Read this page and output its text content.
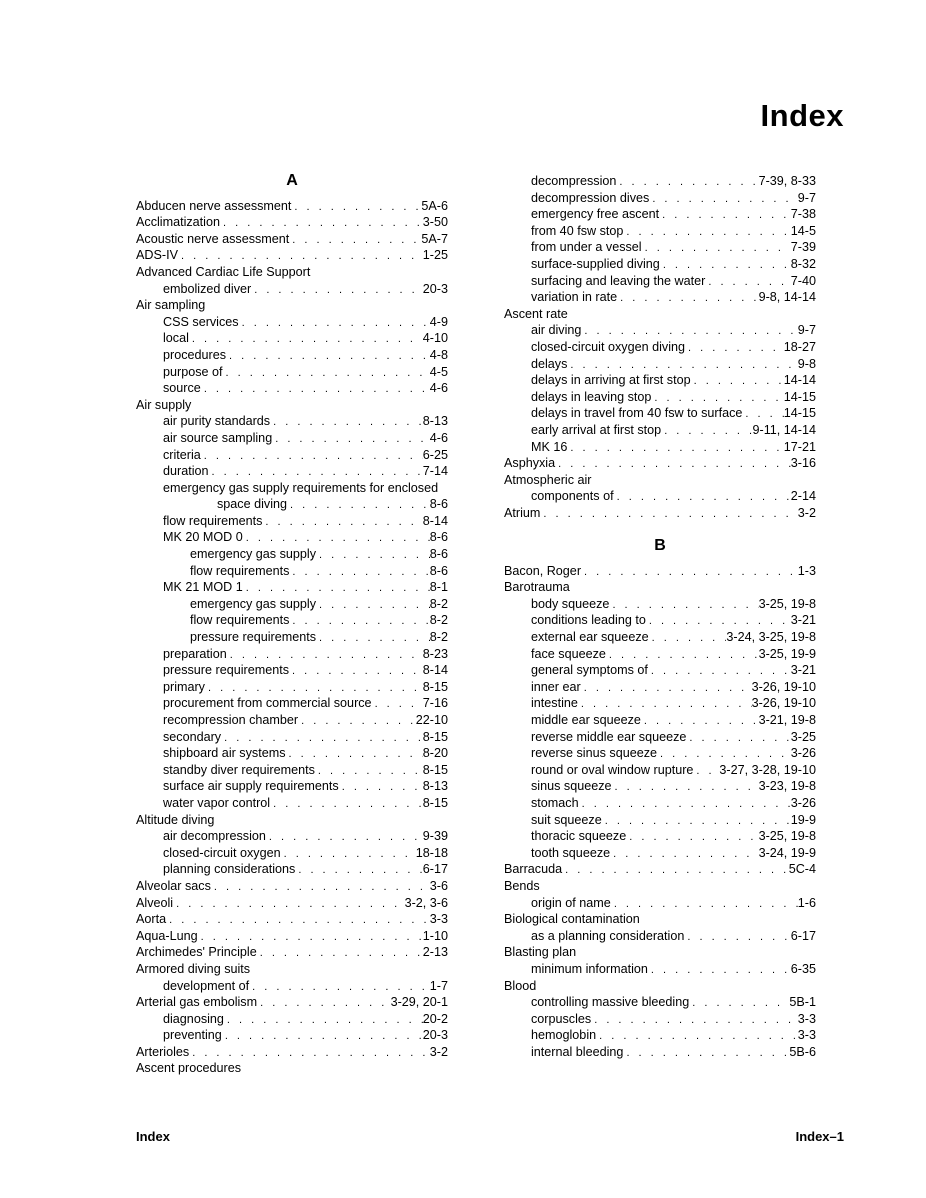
Index
A
Abducen nerve assessment . . .	5A-6
Acclimatization . . .	3-50
Acoustic nerve assessment . . .	5A-7
ADS-IV . . .	1-25
Advanced Cardiac Life Support
embolized diver . . .	20-3
Air sampling
CSS services . . .	4-9
local . . .	4-10
procedures . . .	4-8
purpose of . . .	4-5
source . . .	4-6
Air supply
air purity standards . . .	8-13
air source sampling . . .	4-6
criteria . . .	6-25
duration . . .	7-14
emergency gas supply requirements for enclosed
space diving . . .	8-6
flow requirements . . .	8-14
MK 20 MOD 0 . . .	8-6
emergency gas supply . . .	8-6
flow requirements . . .	8-6
MK 21 MOD 1 . . .	8-1
emergency gas supply . . .	8-2
flow requirements . . .	8-2
pressure requirements . . .	8-2
preparation . . .	8-23
pressure requirements . . .	8-14
primary . . .	8-15
procurement from commercial source . . .	7-16
recompression chamber . . .	22-10
secondary . . .	8-15
shipboard air systems . . .	8-20
standby diver requirements . . .	8-15
surface air supply requirements . . .	8-13
water vapor control . . .	8-15
Altitude diving
air decompression . . .	9-39
closed-circuit oxygen . . .	18-18
planning considerations . . .	6-17
Alveolar sacs . . .	3-6
Alveoli . . .	3-2, 3-6
Aorta . . .	3-3
Aqua-Lung . . .	1-10
Archimedes' Principle . . .	2-13
Armored diving suits
development of . . .	1-7
Arterial gas embolism . . .	3-29, 20-1
diagnosing . . .	20-2
preventing . . .	20-3
Arterioles . . .	3-2
Ascent procedures
decompression . . .	7-39, 8-33
decompression dives . . .	9-7
emergency free ascent . . .	7-38
from 40 fsw stop . . .	14-5
from under a vessel . . .	7-39
surface-supplied diving . . .	8-32
surfacing and leaving the water . . .	7-40
variation in rate . . .	9-8, 14-14
Ascent rate
air diving . . .	9-7
closed-circuit oxygen diving . . .	18-27
delays . . .	9-8
delays in arriving at first stop . . .	14-14
delays in leaving stop . . .	14-15
delays in travel from 40 fsw to surface . . .	14-15
early arrival at first stop . . .	9-11, 14-14
MK 16 . . .	17-21
Asphyxia . . .	3-16
Atmospheric air
components of . . .	2-14
Atrium . . .	3-2
B
Bacon, Roger . . .	1-3
Barotrauma
body squeeze . . .	3-25, 19-8
conditions leading to . . .	3-21
external ear squeeze . . .	3-24, 3-25, 19-8
face squeeze . . .	3-25, 19-9
general symptoms of . . .	3-21
inner ear . . .	3-26, 19-10
intestine . . .	3-26, 19-10
middle ear squeeze . . .	3-21, 19-8
reverse middle ear squeeze . . .	3-25
reverse sinus squeeze . . .	3-26
round or oval window rupture . . . 3-27, 3-28, 19-10
sinus squeeze . . .	3-23, 19-8
stomach . . .	3-26
suit squeeze . . .	19-9
thoracic squeeze . . .	3-25, 19-8
tooth squeeze . . .	3-24, 19-9
Barracuda . . .	5C-4
Bends
origin of name . . .	1-6
Biological contamination
as a planning consideration . . .	6-17
Blasting plan
minimum information . . .	6-35
Blood
controlling massive bleeding . . .	5B-1
corpuscles . . .	3-3
hemoglobin . . .	3-3
internal bleeding . . .	5B-6
Index	Index–1
